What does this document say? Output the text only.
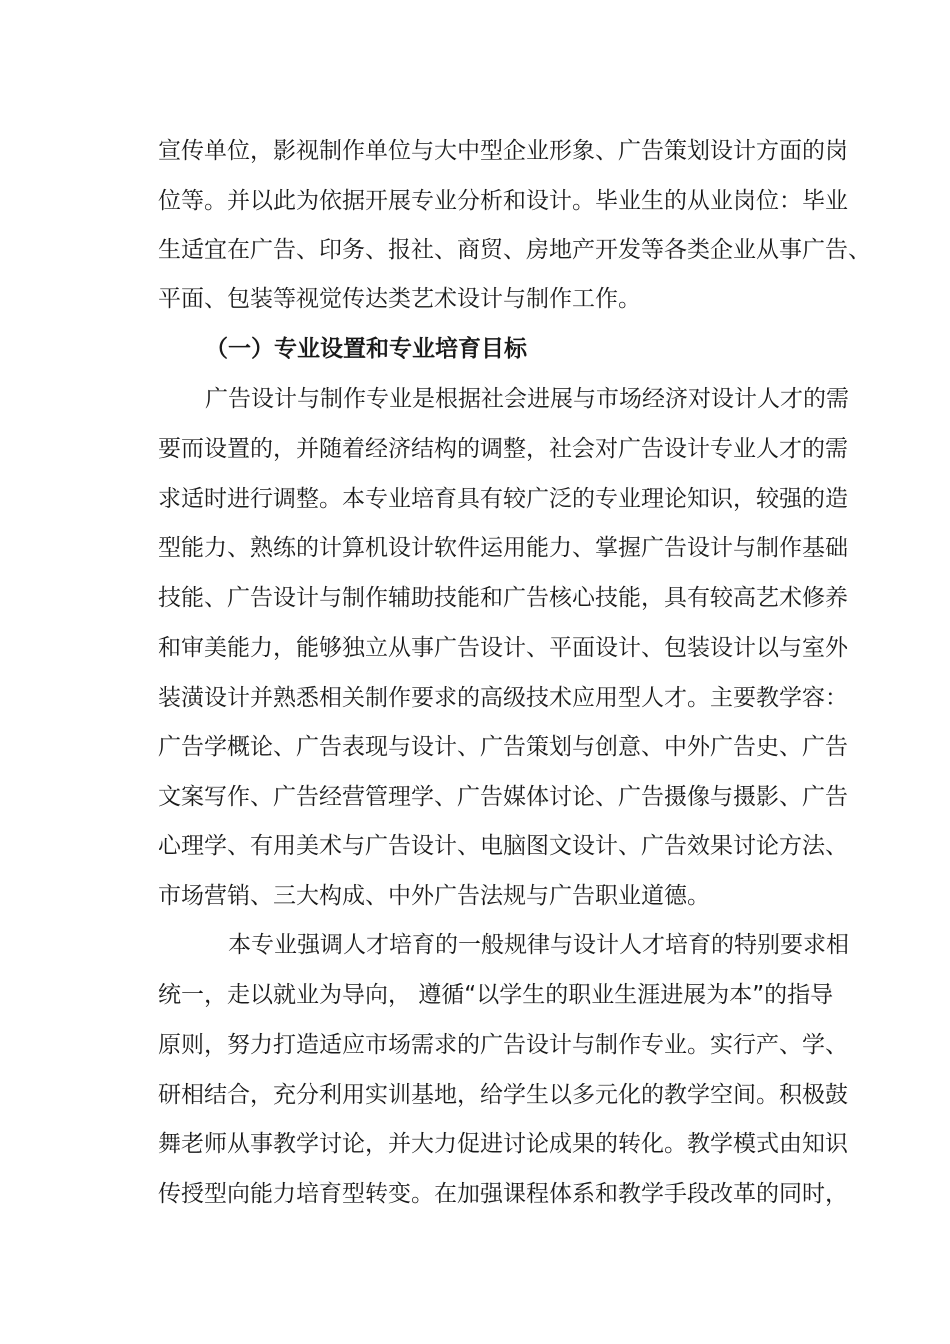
宣传单位，影视制作单位与大中型企业形象、广告策划设计方面的岗
位等。并以此为依据开展专业分析和设计。毕业生的从业岗位：毕业
生适宜在广告、印务、报社、商贸、房地产开发等各类企业从事广告、
平面、包装等视觉传达类艺术设计与制作工作。
（一）专业设置和专业培育目标
广告设计与制作专业是根据社会进展与市场经济对设计人才的需
要而设置的，并随着经济结构的调整，社会对广告设计专业人才的需
求适时进行调整。本专业培育具有较广泛的专业理论知识，较强的造
型能力、熟练的计算机设计软件运用能力、掌握广告设计与制作基础
技能、广告设计与制作辅助技能和广告核心技能，具有较高艺术修养
和审美能力，能够独立从事广告设计、平面设计、包装设计以与室外
装潢设计并熟悉相关制作要求的高级技术应用型人才。主要教学容：
广告学概论、广告表现与设计、广告策划与创意、中外广告史、广告
文案写作、广告经营管理学、广告媒体讨论、广告摄像与摄影、广告
心理学、有用美术与广告设计、电脑图文设计、广告效果讨论方法、
市场营销、三大构成、中外广告法规与广告职业道德。
本专业强调人才培育的一般规律与设计人才培育的特别要求相
统一，走以就业为导向， 遵循“以学生的职业生涯进展为本”的指导
原则，努力打造适应市场需求的广告设计与制作专业。实行产、学、
研相结合，充分利用实训基地，给学生以多元化的教学空间。积极鼓
舞老师从事教学讨论，并大力促进讨论成果的转化。教学模式由知识
传授型向能力培育型转变。在加强课程体系和教学手段改革的同时，
